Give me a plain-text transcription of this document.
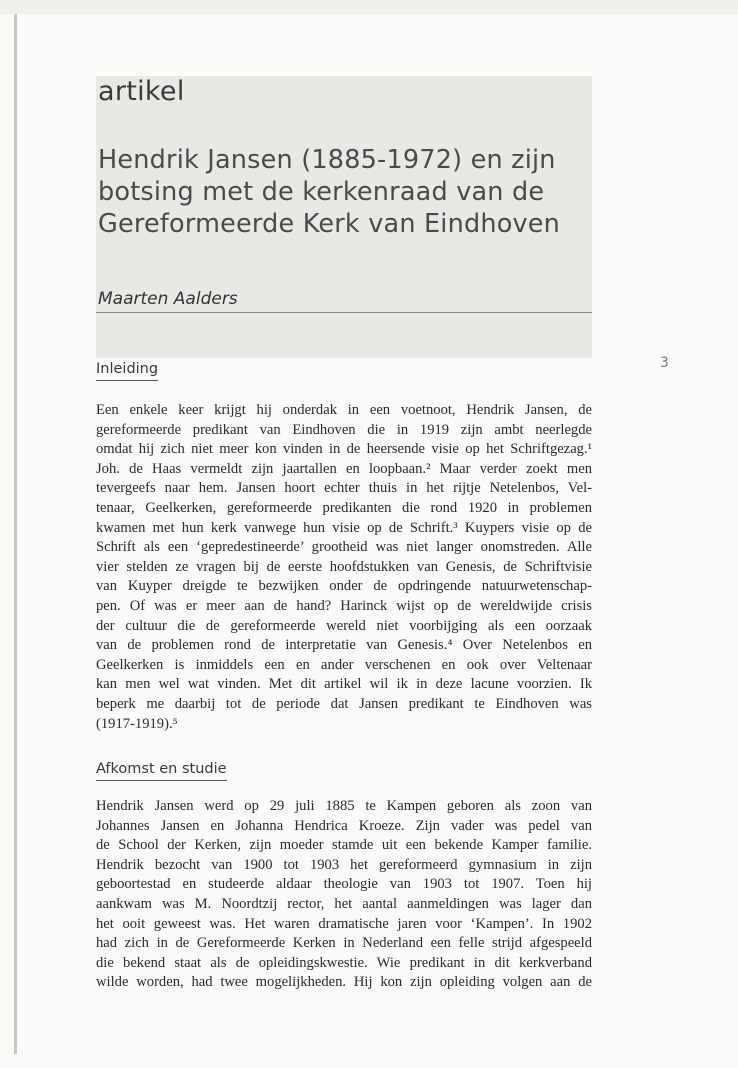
artikel
Hendrik Jansen (1885-1972) en zijn
botsing met de kerkenraad van de
Gereformeerde Kerk van Eindhoven
Maarten Aalders
3
Inleiding
Een enkele keer krijgt hij onderdak in een voetnoot, Hendrik Jansen, de
gereformeerde predikant van Eindhoven die in 1919 zijn ambt neerlegde
omdat hij zich niet meer kon vinden in de heersende visie op het Schriftgezag.¹
Joh. de Haas vermeldt zijn jaartallen en loopbaan.² Maar verder zoekt men
tevergeefs naar hem. Jansen hoort echter thuis in het rijtje Netelenbos, Vel-
tenaar, Geelkerken, gereformeerde predikanten die rond 1920 in problemen
kwamen met hun kerk vanwege hun visie op de Schrift.³ Kuypers visie op de
Schrift als een ‘gepredestineerde’ grootheid was niet langer onomstreden. Alle
vier stelden ze vragen bij de eerste hoofdstukken van Genesis, de Schriftvisie
van Kuyper dreigde te bezwijken onder de opdringende natuurwetenschap-
pen. Of was er meer aan de hand? Harinck wijst op de wereldwijde crisis
der cultuur die de gereformeerde wereld niet voorbijging als een oorzaak
van de problemen rond de interpretatie van Genesis.⁴ Over Netelenbos en
Geelkerken is inmiddels een en ander verschenen en ook over Veltenaar
kan men wel wat vinden. Met dit artikel wil ik in deze lacune voorzien. Ik
beperk me daarbij tot de periode dat Jansen predikant te Eindhoven was
(1917-1919).⁵
Afkomst en studie
Hendrik Jansen werd op 29 juli 1885 te Kampen geboren als zoon van
Johannes Jansen en Johanna Hendrica Kroeze. Zijn vader was pedel van
de School der Kerken, zijn moeder stamde uit een bekende Kamper familie.
Hendrik bezocht van 1900 tot 1903 het gereformeerd gymnasium in zijn
geboortestad en studeerde aldaar theologie van 1903 tot 1907. Toen hij
aankwam was M. Noordtzij rector, het aantal aanmeldingen was lager dan
het ooit geweest was. Het waren dramatische jaren voor ‘Kampen’. In 1902
had zich in de Gereformeerde Kerken in Nederland een felle strijd afgespeeld
die bekend staat als de opleidingskwestie. Wie predikant in dit kerkverband
wilde worden, had twee mogelijkheden. Hij kon zijn opleiding volgen aan de
